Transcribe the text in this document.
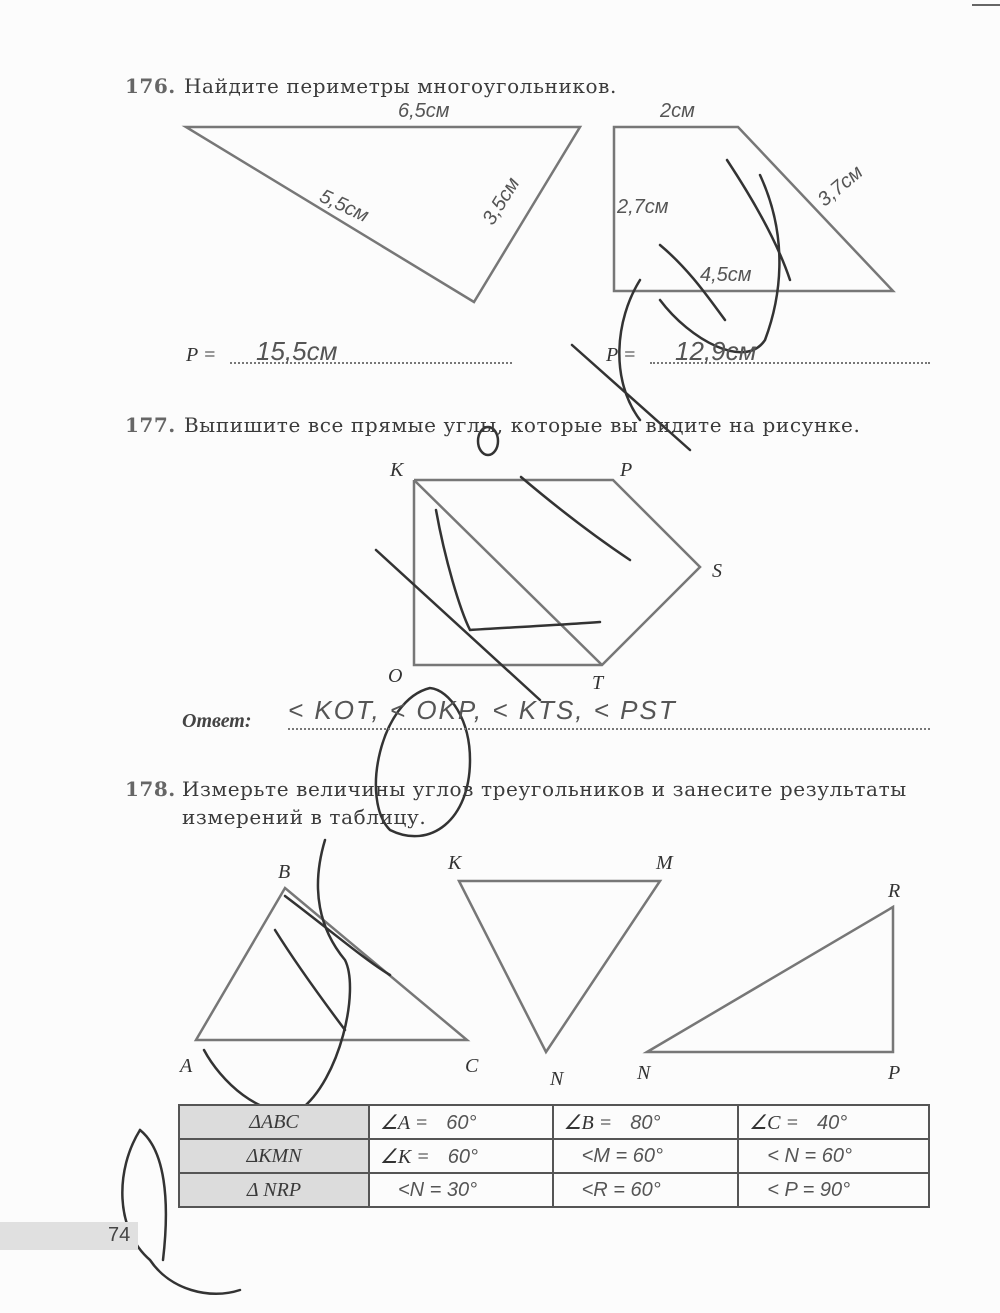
176. Найдите периметры многоугольников.
6,5см
5,5см	3,5см
2см
2,7см	3,7см
4,5см
P = 15,5см	P = 12,9см
177. Выпишите все прямые углы, которые вы видите на рисунке.
K	P
S
O	T
Ответ: < KOT, < OKP, < KTS, < PST
178. Измерьте величины углов треугольников и занесите результаты
измерений в таблицу.
B
A	C
K	M
N
R
N	P
ΔABC	∠A = 60°	∠B = 80°	∠C = 40°
ΔKMN	∠K = 60°	<M = 60°	< N = 60°
Δ NRP	<N = 30°	<R = 60°	< P = 90°
74
